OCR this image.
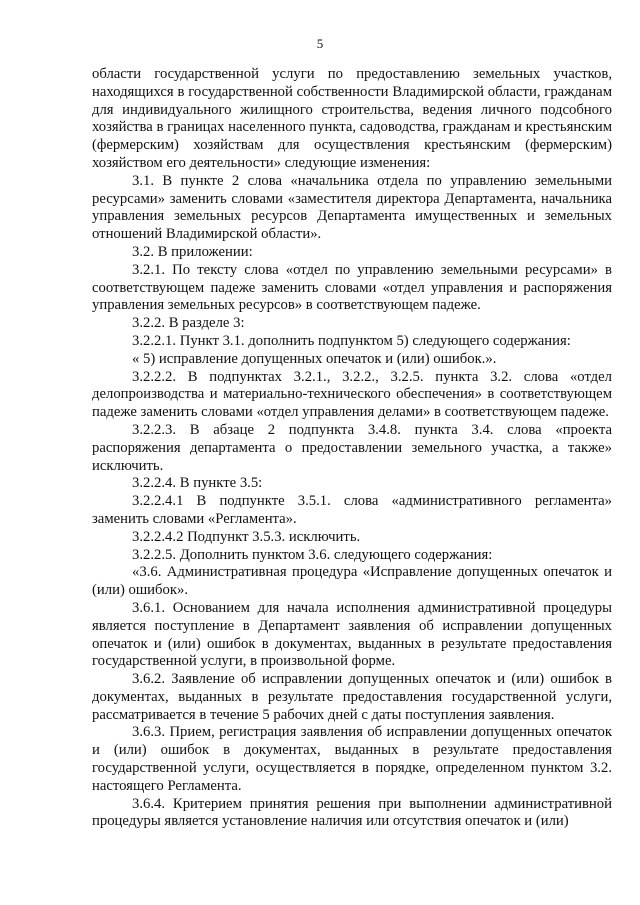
5

области государственной услуги по предоставлению земельных участков, находящихся в государственной собственности Владимирской области, гражданам для индивидуального жилищного строительства, ведения личного подсобного хозяйства в границах населенного пункта, садоводства, гражданам и крестьянским (фермерским) хозяйствам для осуществления крестьянским (фермерским) хозяйством его деятельности» следующие изменения:

3.1. В пункте 2 слова «начальника отдела по управлению земельными ресурсами» заменить словами «заместителя директора Департамента, начальника управления земельных ресурсов Департамента имущественных и земельных отношений Владимирской области».

3.2. В приложении:

3.2.1. По тексту слова «отдел по управлению земельными ресурсами» в соответствующем падеже заменить словами «отдел управления и распоряжения управления земельных ресурсов» в соответствующем падеже.

3.2.2. В разделе 3:

3.2.2.1. Пункт 3.1. дополнить подпунктом 5) следующего содержания:

« 5) исправление допущенных опечаток и (или) ошибок.».

3.2.2.2. В подпунктах 3.2.1., 3.2.2., 3.2.5. пункта 3.2. слова «отдел делопроизводства и материально-технического обеспечения» в соответствующем падеже заменить словами «отдел управления делами» в соответствующем падеже.

3.2.2.3. В абзаце 2 подпункта 3.4.8. пункта 3.4. слова «проекта распоряжения департамента о предоставлении земельного участка, а также» исключить.

3.2.2.4. В пункте 3.5:

3.2.2.4.1 В подпункте 3.5.1. слова «административного регламента» заменить словами «Регламента».

3.2.2.4.2 Подпункт 3.5.3. исключить.

3.2.2.5. Дополнить пунктом 3.6. следующего содержания:

«3.6. Административная процедура «Исправление допущенных опечаток и (или) ошибок».

3.6.1. Основанием для начала исполнения административной процедуры является поступление в Департамент заявления об исправлении допущенных опечаток и (или) ошибок в документах, выданных в результате предоставления государственной услуги, в произвольной форме.

3.6.2. Заявление об исправлении допущенных опечаток и (или) ошибок в документах, выданных в результате предоставления государственной услуги, рассматривается в течение 5 рабочих дней с даты поступления заявления.

3.6.3. Прием, регистрация заявления об исправлении допущенных опечаток и (или) ошибок в документах, выданных в результате предоставления государственной услуги, осуществляется в порядке, определенном пунктом 3.2. настоящего Регламента.

3.6.4. Критерием принятия решения при выполнении административной процедуры является установление наличия или отсутствия опечаток и (или)
